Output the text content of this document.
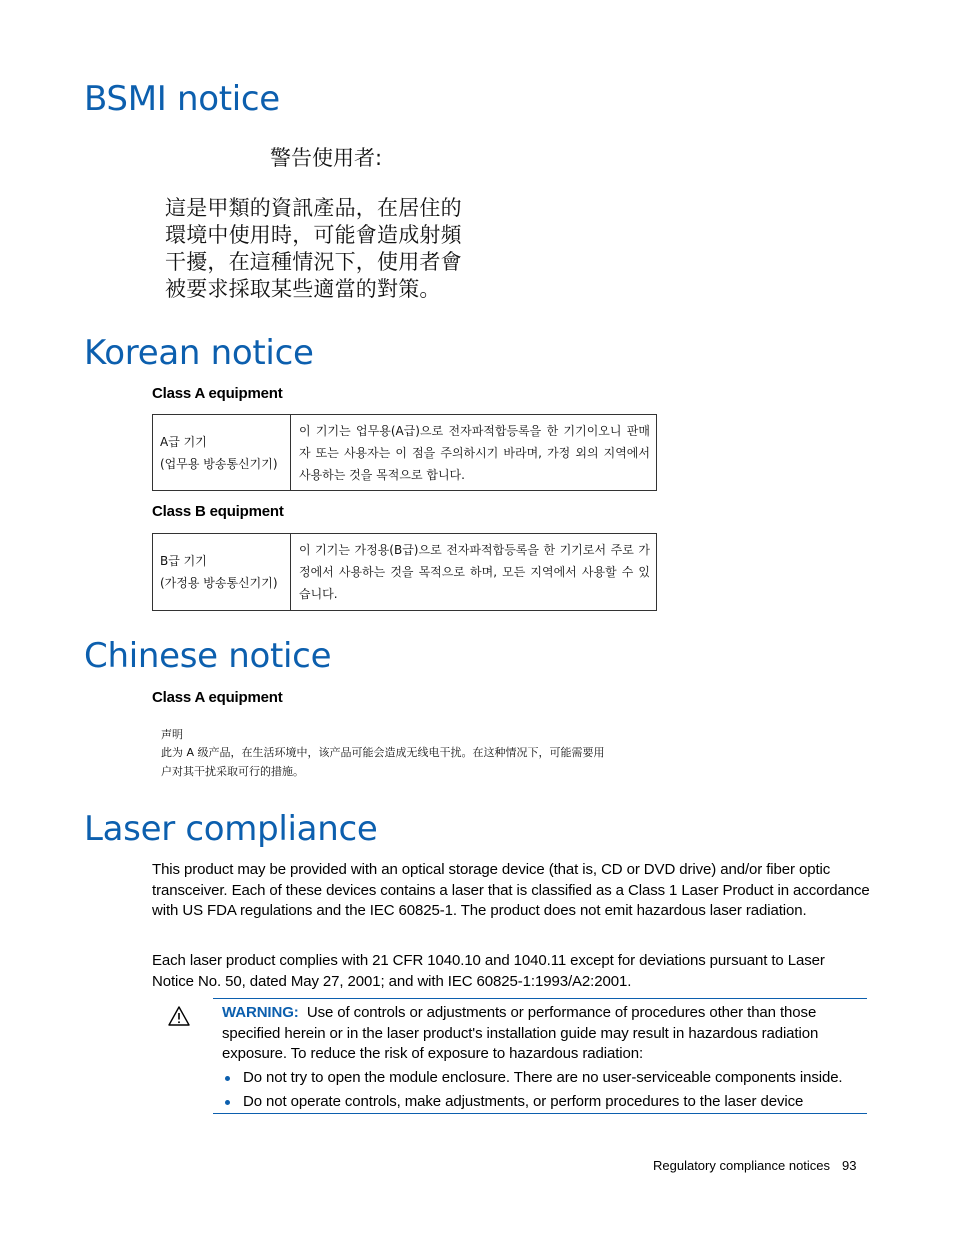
BSMI notice
警告使用者:
這是甲類的資訊產品，在居住的
環境中使用時，可能會造成射頻
干擾，在這種情況下，使用者會
被要求採取某些適當的對策。
Korean notice
Class A equipment
A급 기기
(업무용 방송통신기기)
	이 기기는 업무용(A급)으로 전자파적합등록을 한 기기이오니 판매자 또는 사용자는 이 점을 주의하시기 바라며, 가정 외의 지역에서 사용하는 것을 목적으로 합니다.
Class B equipment
B급 기기
(가정용 방송통신기기)
	이 기기는 가정용(B급)으로 전자파적합등록을 한 기기로서 주로 가정에서 사용하는 것을 목적으로 하며, 모든 지역에서 사용할 수 있습니다.
Chinese notice
Class A equipment
声明
此为 A 级产品，在生活环境中，该产品可能会造成无线电干扰。在这种情况下，可能需要用
户对其干扰采取可行的措施。
Laser compliance

This product may be provided with an optical storage device (that is, CD or DVD drive) and/or fiber optic transceiver. Each of these devices contains a laser that is classified as a Class 1 Laser Product in accordance with US FDA regulations and the IEC 60825-1. The product does not emit hazardous laser radiation.

Each laser product complies with 21 CFR 1040.10 and 1040.11 except for deviations pursuant to Laser Notice No. 50, dated May 27, 2001; and with IEC 60825-1:1993/A2:2001.

WARNING: Use of controls or adjustments or performance of procedures other than those specified herein or in the laser product's installation guide may result in hazardous radiation exposure. To reduce the risk of exposure to hazardous radiation:

Do not try to open the module enclosure. There are no user-serviceable components inside.

Do not operate controls, make adjustments, or perform procedures to the laser device

Regulatory compliance notices 93
